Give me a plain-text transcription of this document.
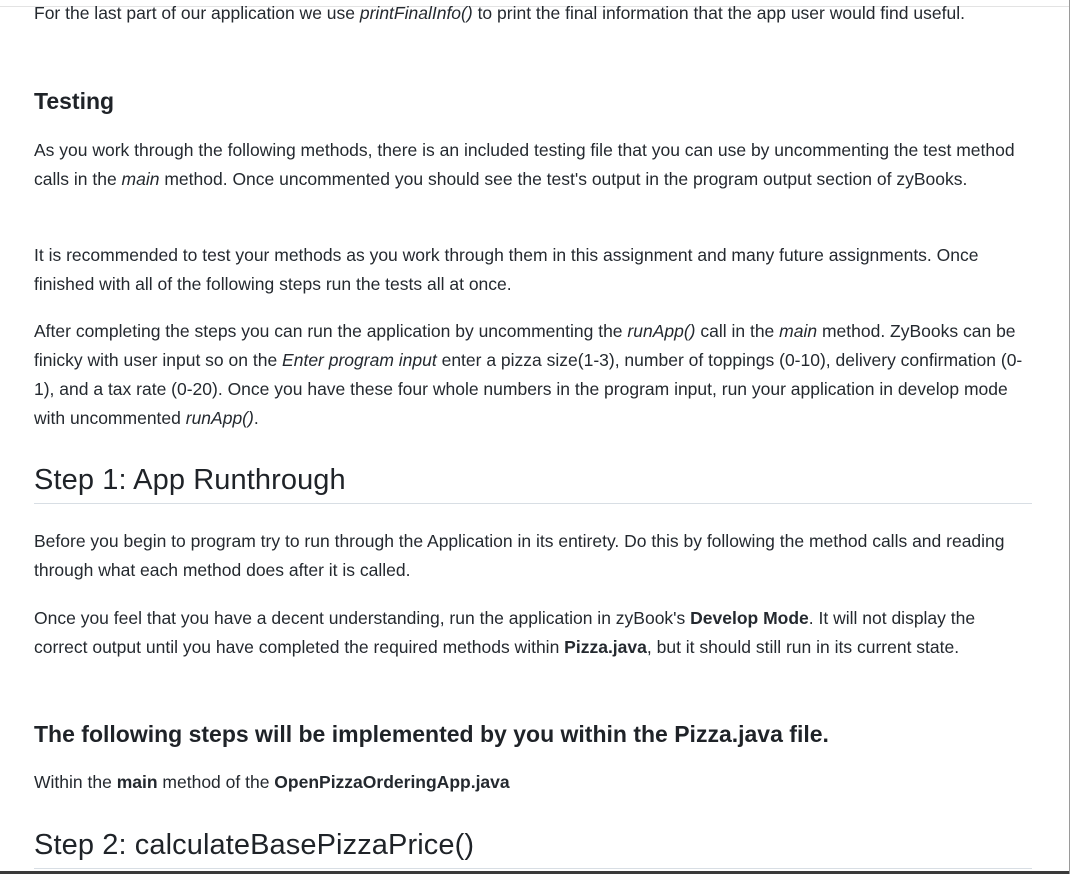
For the last part of our application we use printFinalInfo() to print the final information that the app user would find useful.

Testing

As you work through the following methods, there is an included testing file that you can use by uncommenting the test method calls in the main method. Once uncommented you should see the test's output in the program output section of zyBooks.

It is recommended to test your methods as you work through them in this assignment and many future assignments. Once finished with all of the following steps run the tests all at once.

After completing the steps you can run the application by uncommenting the runApp() call in the main method. ZyBooks can be finicky with user input so on the Enter program input enter a pizza size(1-3), number of toppings (0-10), delivery confirmation (0-1), and a tax rate (0-20). Once you have these four whole numbers in the program input, run your application in develop mode with uncommented runApp().

Step 1: App Runthrough

Before you begin to program try to run through the Application in its entirety. Do this by following the method calls and reading through what each method does after it is called.

Once you feel that you have a decent understanding, run the application in zyBook's Develop Mode. It will not display the correct output until you have completed the required methods within Pizza.java, but it should still run in its current state.

The following steps will be implemented by you within the Pizza.java file.

Within the main method of the OpenPizzaOrderingApp.java

Step 2: calculateBasePizzaPrice()
